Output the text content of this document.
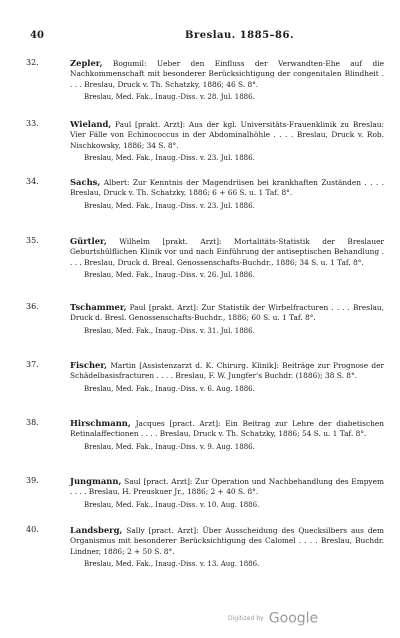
40	Breslau. 1885–86.
32.	Zepler, Bogumil: Ueber den Einfluss der Verwandten-Ehe auf die Nachkommenschaft mit besonderer Berücksichtigung der congenitalen Blindheit . . . . Breslau, Druck v. Th. Schatzky, 1886; 46 S. 8°.

Breslau, Med. Fak., Inaug.-Diss. v. 28. Jul. 1886.

33.	Wieland, Paul [prakt. Arzt]: Aus der kgl. Universitäts-Frauenklinik zu Breslau: Vier Fälle von Echinococcus in der Abdominalhöhle . . . . Breslau, Druck v. Rob. Nischkowsky, 1886; 34 S. 8°.

Breslau, Med. Fak., Inaug.-Diss. v. 23. Jul. 1886.

34.	Sachs, Albert: Zur Kenntnis der Magendrüsen bei krankhaften Zuständen . . . . Breslau, Druck v. Th. Schatzky, 1886; 6 + 66 S. u. 1 Taf. 8°.

Breslau, Med. Fak., Inaug.-Diss. v. 23. Jul. 1886.

35.	Gürtler, Wilhelm [prakt. Arzt]: Mortalitäts-Statistik der Breslauer Geburtshülflichen Klinik vor und nach Einführung der antiseptischen Behandlung . . . . Breslau, Druck d. Breal. Genossenschafts-Buchdr., 1886; 34 S. u. 1 Taf. 8°.

Breslau, Med. Fak., Inaug.-Diss. v. 26. Jul. 1886.

36.	Tschammer, Paul [prakt. Arzt]: Zur Statistik der Wirbelfracturen . . . . Breslau, Druck d. Bresl. Genossenschafts-Buchdr., 1886; 60 S. u. 1 Taf. 8°.

Breslau, Med. Fak., Inaug.-Diss. v. 31. Jul. 1886.

37.	Fischer, Martin [Assistenzarzt d. K. Chirurg. Klinik]: Beiträge zur Prognose der Schädelbasisfracturen . . . . Breslau, F. W. Jungfer's Buchdr. (1886); 38 S. 8°.

Breslau, Med. Fak., Inaug.-Diss. v. 6. Aug. 1886.

38.	Hirschmann, Jacques [pract. Arzt]: Ein Beitrag zur Lehre der diabetischen Retinalaffectionen . . . . Breslau, Druck v. Th. Schatzky, 1886; 54 S. u. 1 Taf. 8°.

Breslau, Med. Fak., Inaug.-Diss. v. 9. Aug. 1886.

39.	Jungmann, Saul [pract. Arzt]: Zur Operation und Nachbehandlung des Empyem . . . . Breslau, H. Preuskuer Jr., 1886; 2 + 40 S. 8°.

Breslau, Med. Fak., Inaug.-Diss. v. 10. Aug. 1886.

40.	Landsberg, Sally [pract. Arzt]: Über Ausscheidung des Quecksilbers aus dem Organismus mit besonderer Berücksichtigung des Calomel . . . . Breslau, Buchdr. Lindner, 1886; 2 + 50 S. 8°.

Breslau, Med. Fak., Inaug.-Diss. v. 13. Aug. 1886.

Digitized by Google
